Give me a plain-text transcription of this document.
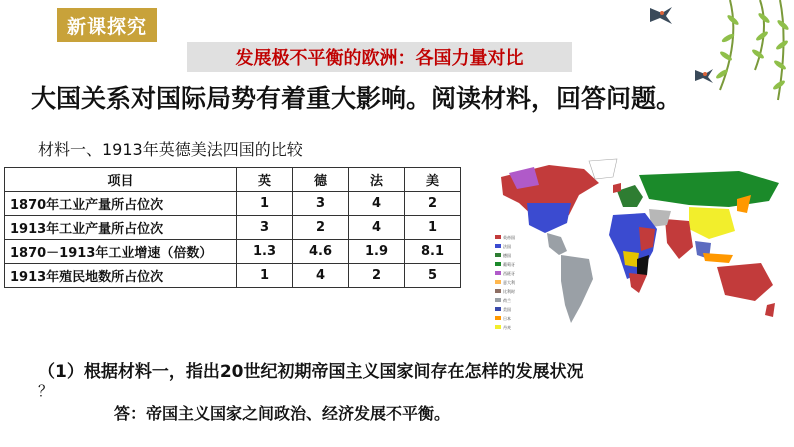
新课探究
发展极不平衡的欧洲：各国力量对比
大国关系对国际局势有着重大影响。阅读材料，回答问题。
材料一、1913年英德美法四国的比较
项目	英	德	法	美
1870年工业产量所占位次	1	3	4	2
1913年工业产量所占位次	3	2	4	1
1870－1913年工业增速（倍数）	1.3	4.6	1.9	8.1
1913年殖民地数所占位次	1	4	2	5
英帝国
法国
德国
葡萄牙
西班牙
意大利
比利时
荷兰
美国
日本
丹麦
（1）根据材料一，指出20世纪初期帝国主义国家间存在怎样的发展状况
？
答：帝国主义国家之间政治、经济发展不平衡。
